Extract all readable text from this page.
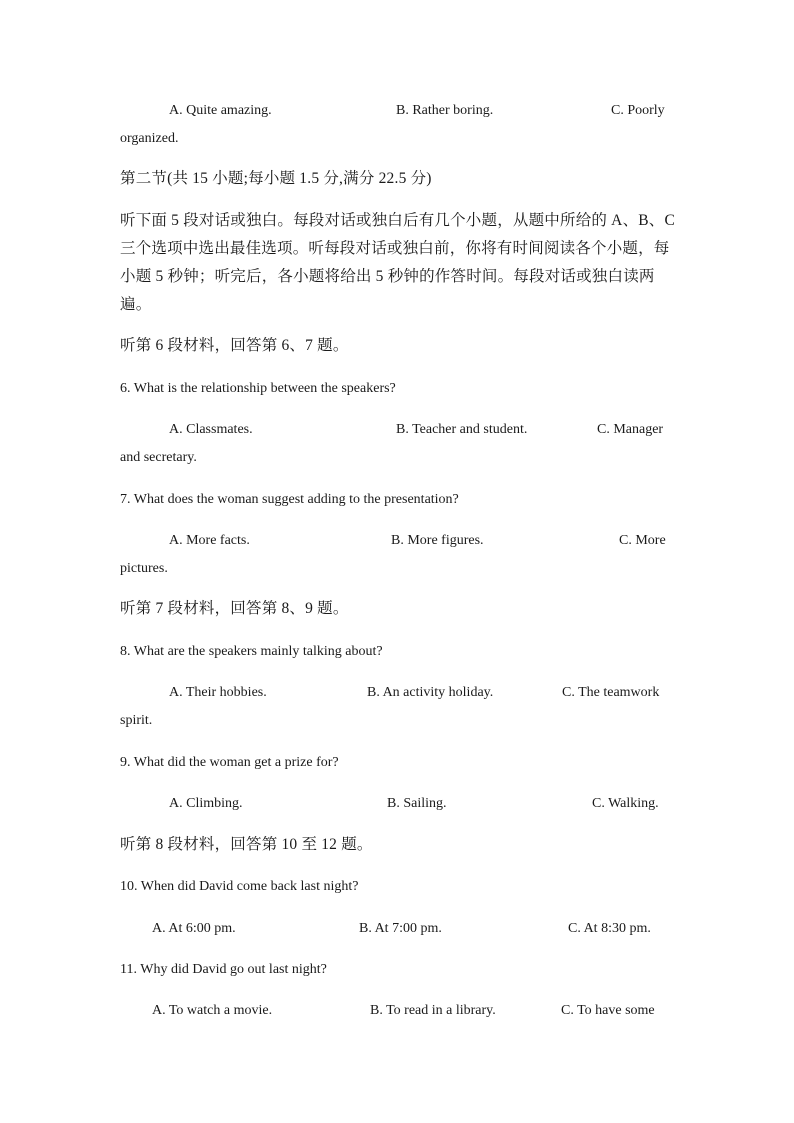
A. Quite amazing.	B. Rather boring.	C. Poorly
organized.
第二节(共 15 小题;每小题 1.5 分,满分 22.5 分)
听下面 5 段对话或独白。每段对话或独白后有几个小题，从题中所给的 A、B、C
三个选项中选出最佳选项。听每段对话或独白前，你将有时间阅读各个小题，每
小题 5 秒钟；听完后，各小题将给出 5 秒钟的作答时间。每段对话或独白读两
遍。
听第 6 段材料，回答第 6、7 题。
6. What is the relationship between the speakers?
A. Classmates.	B. Teacher and student.	C. Manager
and secretary.
7. What does the woman suggest adding to the presentation?
A. More facts.	B. More figures.	C. More
pictures.
听第 7 段材料，回答第 8、9 题。
8. What are the speakers mainly talking about?
A. Their hobbies.	B. An activity holiday.	C. The teamwork
spirit.
9. What did the woman get a prize for?
A. Climbing.	B. Sailing.	C. Walking.
听第 8 段材料，回答第 10 至 12 题。
10. When did David come back last night?
A. At 6:00 pm.	B. At 7:00 pm.	C. At 8:30 pm.
11. Why did David go out last night?
A. To watch a movie.	B. To read in a library.	C. To have some
